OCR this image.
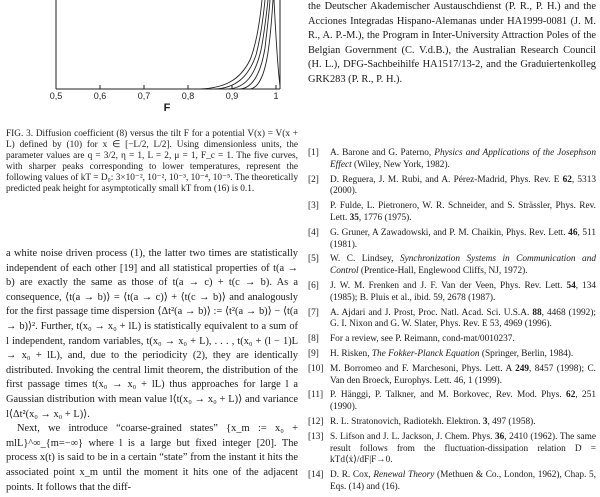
0,5	0,6	0,7	0,8	0,9	1
F
FIG. 3. Diffusion coefficient (8) versus the tilt F for a potential V(x) = V(x + L) defined by (10) for x ∈ [−L/2, L/2]. Using dimensionless units, the parameter values are q = 3/2, η = 1, L = 2, μ = 1, F_c = 1. The five curves, with sharper peaks corresponding to lower temperatures, represent the following values of kT = D₀: 3×10⁻², 10⁻², 10⁻³, 10⁻⁴, 10⁻⁵. The theoretically predicted peak height for asymptotically small kT from (16) is 0.1.

a white noise driven process (1), the latter two times are statistically independent of each other [19] and all statistical properties of t(a → b) are exactly the same as those of t(a → c) + t(c → b). As a consequence, ⟨t(a → b)⟩ = ⟨t(a → c)⟩ + ⟨t(c → b)⟩ and analogously for the first passage time dispersion ⟨Δt²(a → b)⟩ := ⟨t²(a → b)⟩ − ⟨t(a → b)⟩². Further, t(x₀ → x₀ + lL) is statistically equivalent to a sum of l independent, random variables, t(x₀ → x₀ + L), . . . , t(x₀ + (l − 1)L → x₀ + lL), and, due to the periodicity (2), they are identically distributed. Invoking the central limit theorem, the distribution of the first passage times t(x₀ → x₀ + lL) thus approaches for large l a Gaussian distribution with mean value l⟨t(x₀ → x₀ + L)⟩ and variance l⟨Δt²(x₀ → x₀ + L)⟩.

Next, we introduce “coarse-grained states” {x_m := x₀ + mlL}^∞_{m=−∞} where l is a large but fixed integer [20]. The process x(t) is said to be in a certain “state” from the instant it hits the associated point x_m until the moment it hits one of the adjacent points. It follows that the diff-

the Deutscher Akademischer Austauschdienst (P. R., P. H.) and the Acciones Integradas Hispano-Alemanas under HA1999-0081 (J. M. R., A. P.-M.), the Program in Inter-University Attraction Poles of the Belgian Government (C. V.d.B.), the Australian Research Council (H. L.), DFG-Sachbeihilfe HA1517/13-2, and the Graduiertenkolleg GRK283 (P. R., P. H.).
[1]	A. Barone and G. Paterno, Physics and Applications of the Josephson Effect (Wiley, New York, 1982).
[2]	D. Reguera, J. M. Rubi, and A. Pérez-Madrid, Phys. Rev. E 62, 5313 (2000).
[3]	P. Fulde, L. Pietronero, W. R. Schneider, and S. Strässler, Phys. Rev. Lett. 35, 1776 (1975).
[4]	G. Gruner, A Zawadowski, and P. M. Chaikin, Phys. Rev. Lett. 46, 511 (1981).
[5]	W. C. Lindsey, Synchronization Systems in Communication and Control (Prentice-Hall, Englewood Cliffs, NJ, 1972).
[6]	J. W. M. Frenken and J. F. Van der Veen, Phys. Rev. Lett. 54, 134 (1985); B. Pluis et al., ibid. 59, 2678 (1987).
[7]	A. Ajdari and J. Prost, Proc. Natl. Acad. Sci. U.S.A. 88, 4468 (1992); G. I. Nixon and G. W. Slater, Phys. Rev. E 53, 4969 (1996).
[8]	For a review, see P. Reimann, cond-mat/0010237.
[9]	H. Risken, The Fokker-Planck Equation (Springer, Berlin, 1984).
[10] M. Borromeo and F. Marchesoni, Phys. Lett. A 249, 8457 (1998); C. Van den Broeck, Europhys. Lett. 46, 1 (1999).
[11] P. Hänggi, P. Talkner, and M. Borkovec, Rev. Mod. Phys. 62, 251 (1990).
[12] R. L. Stratonovich, Radiotekh. Elektron. 3, 497 (1958).
[13] S. Lifson and J. L. Jackson, J. Chem. Phys. 36, 2410 (1962). The same result follows from the fluctuation-dissipation relation D = kTd⟨ẋ⟩/dF|F→0.
[14] D. R. Cox, Renewal Theory (Methuen & Co., London, 1962), Chap. 5, Eqs. (14) and (16).
